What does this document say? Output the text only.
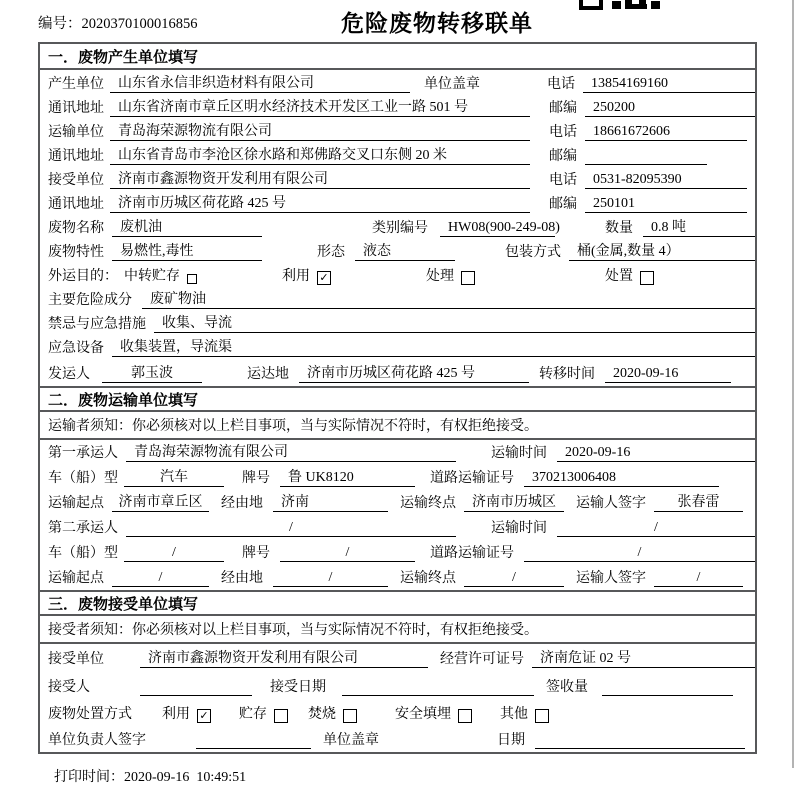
编号：2020370100016856	危险废物转移联单
一．废物产生单位填写
产生单位	山东省永信非织造材料有限公司	单位盖章	电话	13854169160
通讯地址	山东省济南市章丘区明水经济技术开发区工业一路 501 号	邮编	250200
运输单位	青岛海荣源物流有限公司	电话	18661672606
通讯地址	山东省青岛市李沧区徐水路和郑佛路交叉口东侧 20 米	邮编
接受单位	济南市鑫源物资开发利用有限公司	电话	0531-82095390
通讯地址	济南市历城区荷花路 425 号	邮编	250101
废物名称	废机油	类别编号	HW08(900-249-08)	数量	0.8 吨
废物特性	易燃性,毒性	形态	液态	包装方式	桶(金属,数量 4）
外运目的： 中转贮存	利用 ✓	处理	处置
主要危险成分	废矿物油
禁忌与应急措施	收集、导流
应急设备	收集装置，导流渠
发运人	郭玉波	运达地	济南市历城区荷花路 425 号	转移时间	2020-09-16
二．废物运输单位填写
运输者须知：你必须核对以上栏目事项，当与实际情况不符时，有权拒绝接受。
第一承运人	青岛海荣源物流有限公司	运输时间	2020-09-16
车（船）型	汽车	牌号	鲁 UK8120	道路运输证号	370213006408
运输起点	济南市章丘区	经由地	济南	运输终点	济南市历城区	运输人签字	张春雷
第二承运人	/	运输时间	/
车（船）型	/	牌号	/	道路运输证号	/
运输起点	/	经由地	/	运输终点	/	运输人签字	/
三．废物接受单位填写
接受者须知：你必须核对以上栏目事项，当与实际情况不符时，有权拒绝接受。
接受单位	济南市鑫源物资开发利用有限公司	经营许可证号	济南危证 02 号
接受人	接受日期	签收量
废物处置方式 利用 ✓ 贮存	焚烧	安全填埋	其他
单位负责人签字	单位盖章	日期

打印时间：2020-09-16  10:49:51
